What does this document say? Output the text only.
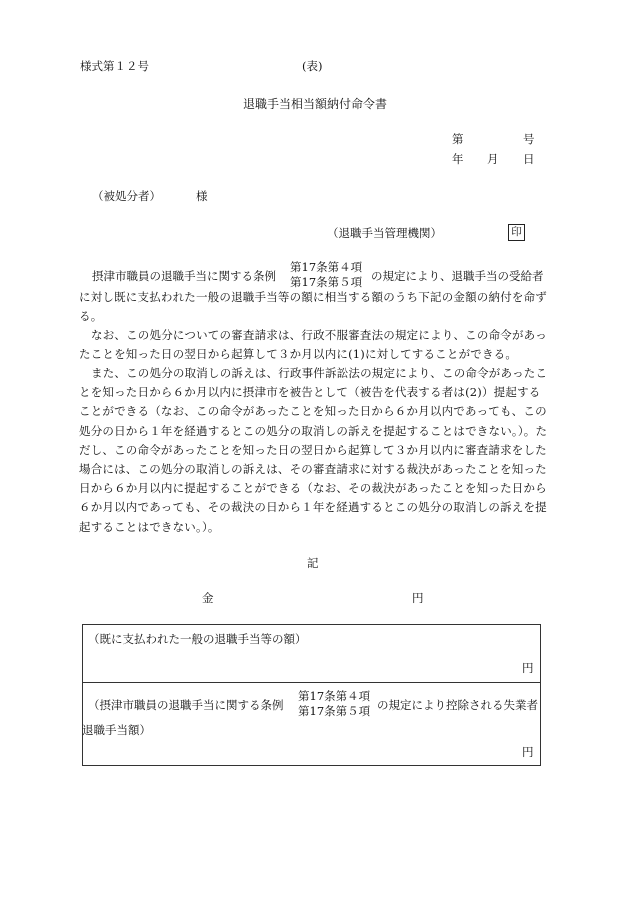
様式第１２号	(表)
退職手当相当額納付命令書
第	号
年 月 日
（被処分者）	様
（退職手当管理機関）	印
摂津市職員の退職手当に関する条例
第17条第４項
第17条第５項 の規定により、退職手当の受給者
に対し既に支払われた一般の退職手当等の額に相当する額のうち下記の金額の納付を命ずる。
なお、この処分についての審査請求は、行政不服審査法の規定により、この命令があったことを知った日の翌日から起算して３か月以内に(1)に対してすることができる。
また、この処分の取消しの訴えは、行政事件訴訟法の規定により、この命令があったことを知った日から６か月以内に摂津市を被告として（被告を代表する者は(2)）提起することができる（なお、この命令があったことを知った日から６か月以内であっても、この処分の日から１年を経過するとこの処分の取消しの訴えを提起することはできない。）。ただし、この命令があったことを知った日の翌日から起算して３か月以内に審査請求をした場合には、この処分の取消しの訴えは、その審査請求に対する裁決があったことを知った日から６か月以内に提起することができる（なお、その裁決があったことを知った日から６か月以内であっても、その裁決の日から１年を経過するとこの処分の取消しの訴えを提起することはできない。）。
記
金	円
（既に支払われた一般の退職手当等の額）
円
（摂津市職員の退職手当に関する条例
第17条第４項
第17条第５項 の規定により控除される失業者
退職手当額）
円
